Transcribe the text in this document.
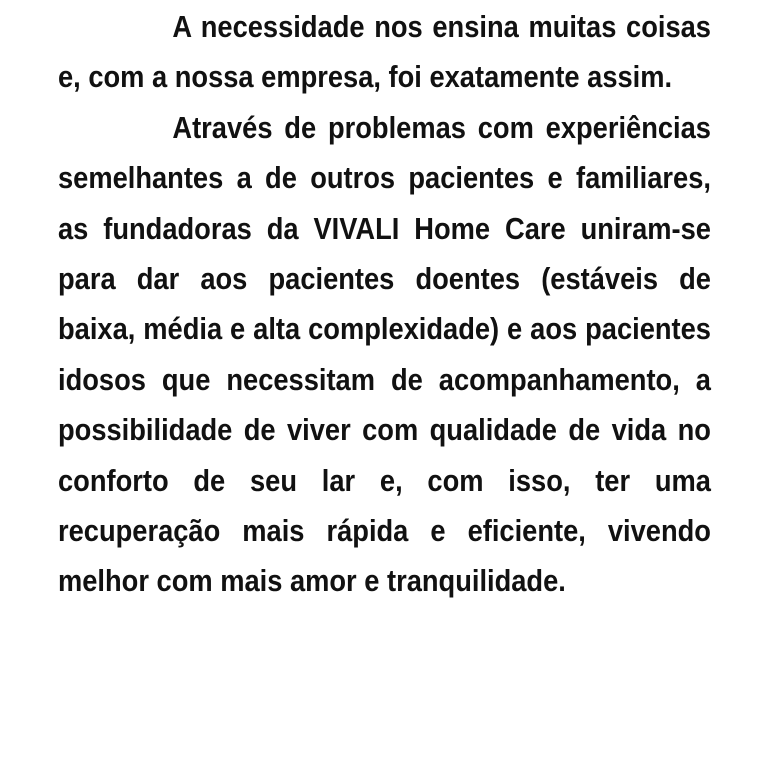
A necessidade nos ensina muitas coisas e, com a nossa empresa, foi exatamente assim.

Através de problemas com experiências semelhantes a de outros pacientes e familiares, as fundadoras da VIVALI Home Care uniram-se para dar aos pacientes doentes (estáveis de baixa, média e alta complexidade) e aos pacientes idosos que necessitam de acompanhamento, a possibilidade de viver com qualidade de vida no conforto de seu lar e, com isso, ter uma recuperação mais rápida e eficiente, vivendo melhor com mais amor e tranquilidade.
